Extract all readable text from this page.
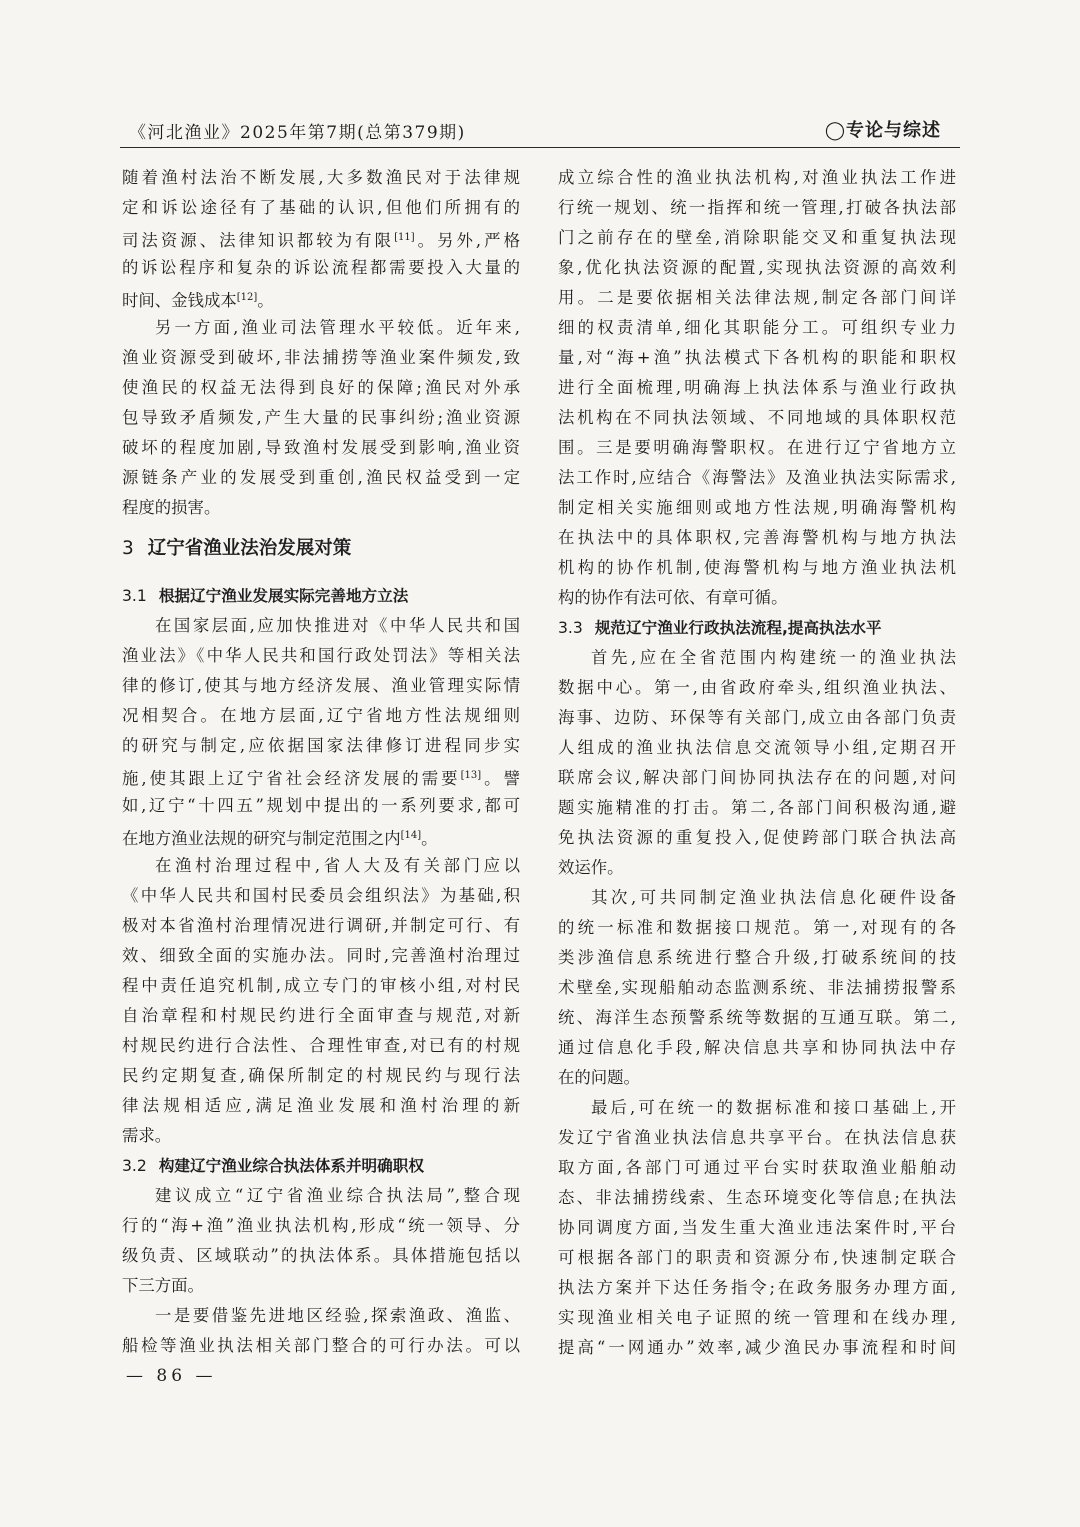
《河北渔业》2025年第7期(总第379期)	◯专论与综述
随着渔村法治不断发展,大多数渔民对于法律规
定和诉讼途径有了基础的认识,但他们所拥有的
司法资源、法律知识都较为有限[11]。另外,严格
的诉讼程序和复杂的诉讼流程都需要投入大量的
时间、金钱成本[12]。
另一方面,渔业司法管理水平较低。近年来,
渔业资源受到破坏,非法捕捞等渔业案件频发,致
使渔民的权益无法得到良好的保障;渔民对外承
包导致矛盾频发,产生大量的民事纠纷;渔业资源
破坏的程度加剧,导致渔村发展受到影响,渔业资
源链条产业的发展受到重创,渔民权益受到一定
程度的损害。
3 辽宁省渔业法治发展对策
3.1 根据辽宁渔业发展实际完善地方立法
在国家层面,应加快推进对《中华人民共和国
渔业法》《中华人民共和国行政处罚法》等相关法
律的修订,使其与地方经济发展、渔业管理实际情
况相契合。在地方层面,辽宁省地方性法规细则
的研究与制定,应依据国家法律修订进程同步实
施,使其跟上辽宁省社会经济发展的需要[13]。譬
如,辽宁“十四五”规划中提出的一系列要求,都可
在地方渔业法规的研究与制定范围之内[14]。
在渔村治理过程中,省人大及有关部门应以
《中华人民共和国村民委员会组织法》为基础,积
极对本省渔村治理情况进行调研,并制定可行、有
效、细致全面的实施办法。同时,完善渔村治理过
程中责任追究机制,成立专门的审核小组,对村民
自治章程和村规民约进行全面审查与规范,对新
村规民约进行合法性、合理性审查,对已有的村规
民约定期复查,确保所制定的村规民约与现行法
律法规相适应,满足渔业发展和渔村治理的新
需求。
3.2 构建辽宁渔业综合执法体系并明确职权
建议成立“辽宁省渔业综合执法局”,整合现
行的“海+渔”渔业执法机构,形成“统一领导、分
级负责、区域联动”的执法体系。具体措施包括以
下三方面。
一是要借鉴先进地区经验,探索渔政、渔监、
船检等渔业执法相关部门整合的可行办法。可以
成立综合性的渔业执法机构,对渔业执法工作进
行统一规划、统一指挥和统一管理,打破各执法部
门之前存在的壁垒,消除职能交叉和重复执法现
象,优化执法资源的配置,实现执法资源的高效利
用。二是要依据相关法律法规,制定各部门间详
细的权责清单,细化其职能分工。可组织专业力
量,对“海+渔”执法模式下各机构的职能和职权
进行全面梳理,明确海上执法体系与渔业行政执
法机构在不同执法领域、不同地域的具体职权范
围。三是要明确海警职权。在进行辽宁省地方立
法工作时,应结合《海警法》及渔业执法实际需求,
制定相关实施细则或地方性法规,明确海警机构
在执法中的具体职权,完善海警机构与地方执法
机构的协作机制,使海警机构与地方渔业执法机
构的协作有法可依、有章可循。
3.3 规范辽宁渔业行政执法流程,提高执法水平
首先,应在全省范围内构建统一的渔业执法
数据中心。第一,由省政府牵头,组织渔业执法、
海事、边防、环保等有关部门,成立由各部门负责
人组成的渔业执法信息交流领导小组,定期召开
联席会议,解决部门间协同执法存在的问题,对问
题实施精准的打击。第二,各部门间积极沟通,避
免执法资源的重复投入,促使跨部门联合执法高
效运作。
其次,可共同制定渔业执法信息化硬件设备
的统一标准和数据接口规范。第一,对现有的各
类涉渔信息系统进行整合升级,打破系统间的技
术壁垒,实现船舶动态监测系统、非法捕捞报警系
统、海洋生态预警系统等数据的互通互联。第二,
通过信息化手段,解决信息共享和协同执法中存
在的问题。
最后,可在统一的数据标准和接口基础上,开
发辽宁省渔业执法信息共享平台。在执法信息获
取方面,各部门可通过平台实时获取渔业船舶动
态、非法捕捞线索、生态环境变化等信息;在执法
协同调度方面,当发生重大渔业违法案件时,平台
可根据各部门的职责和资源分布,快速制定联合
执法方案并下达任务指令;在政务服务办理方面,
实现渔业相关电子证照的统一管理和在线办理,
提高“一网通办”效率,减少渔民办事流程和时间
— 86 —
